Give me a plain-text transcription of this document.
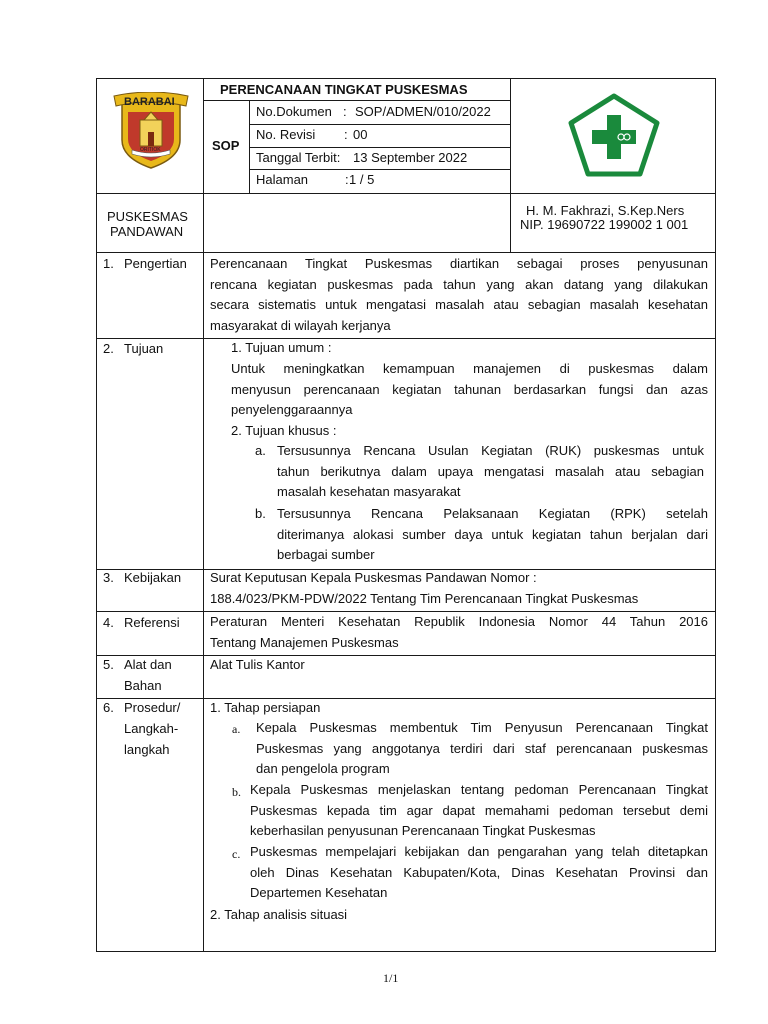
BARABAI
ORITIOK
PERENCANAAN TINGKAT PUSKESMAS
SOP
No.Dokumen : SOP/ADMEN/010/2022
No. Revisi : 00
Tanggal Terbit: 13 September 2022
Halaman	: 1 / 5
PUSKESMAS
PANDAWAN
H. M. Fakhrazi, S.Kep.Ners
NIP. 19690722 199002 1 001
1. Pengertian
2. Tujuan
3. Kebijakan
4. Referensi
5. Alat dan
Bahan
6. Prosedur/
Langkah-
langkah
Perencanaan Tingkat Puskesmas diartikan sebagai proses penyusunan
rencana kegiatan puskesmas pada tahun yang akan datang yang dilakukan
secara sistematis untuk mengatasi masalah atau sebagian masalah kesehatan
masyarakat di wilayah kerjanya
1. Tujuan umum :
Untuk meningkatkan kemampuan manajemen di puskesmas dalam
menyusun perencanaan kegiatan tahunan berdasarkan fungsi dan azas
penyelenggaraannya
2. Tujuan khusus :
a. Tersusunnya Rencana Usulan Kegiatan (RUK) puskesmas untuk
tahun berikutnya dalam upaya mengatasi masalah atau sebagian
masalah kesehatan masyarakat
b. Tersusunnya Rencana Pelaksanaan Kegiatan (RPK) setelah
diterimanya alokasi sumber daya untuk kegiatan tahun berjalan dari
berbagai sumber
Surat Keputusan Kepala Puskesmas Pandawan Nomor :
188.4/023/PKM-PDW/2022 Tentang Tim Perencanaan Tingkat Puskesmas
Peraturan Menteri Kesehatan Republik Indonesia Nomor 44 Tahun 2016
Tentang Manajemen Puskesmas
Alat Tulis Kantor
1. Tahap persiapan
a. Kepala Puskesmas membentuk Tim Penyusun Perencanaan Tingkat
Puskesmas yang anggotanya terdiri dari staf perencanaan puskesmas
dan pengelola program
b. Kepala Puskesmas menjelaskan tentang pedoman Perencanaan Tingkat
Puskesmas kepada tim agar dapat memahami pedoman tersebut demi
keberhasilan penyusunan Perencanaan Tingkat Puskesmas
c. Puskesmas mempelajari kebijakan dan pengarahan yang telah ditetapkan
oleh Dinas Kesehatan Kabupaten/Kota, Dinas Kesehatan Provinsi dan
Departemen Kesehatan
2. Tahap analisis situasi
1/1
